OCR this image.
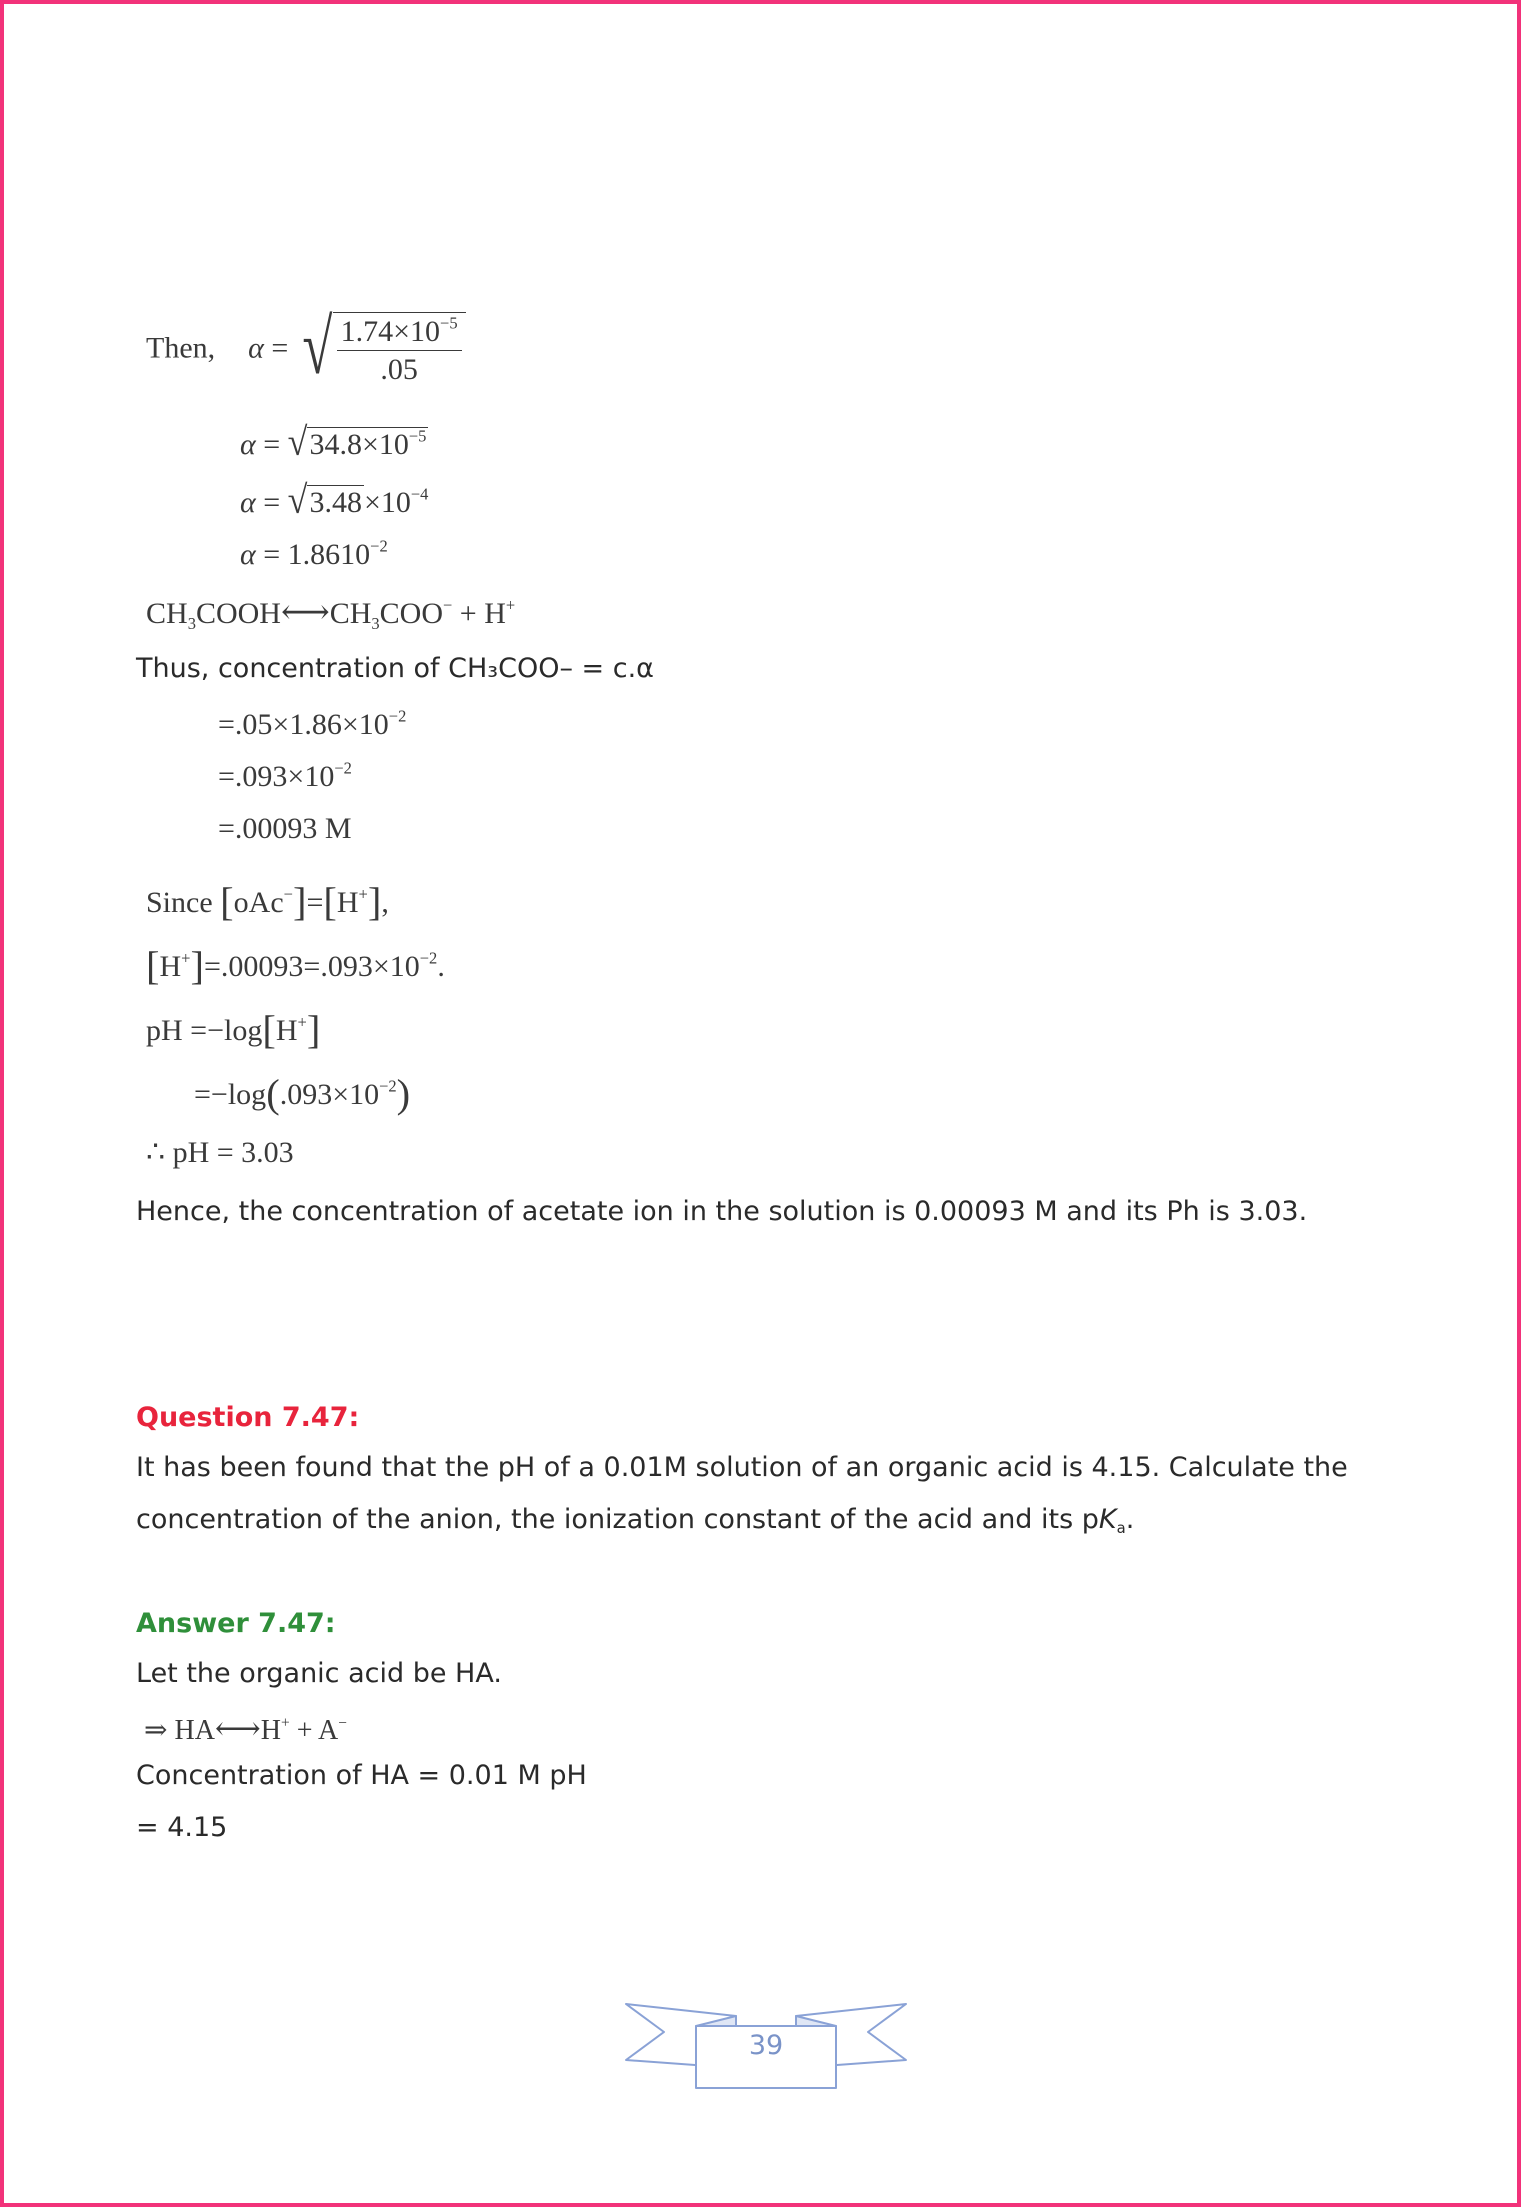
Then, α = √ $\frac{1.74\times 10^{-5}}{.05}$
$\alpha = √34.8\times 10^{-5}$
$\alpha = √3.48\times 10^{-4}$
$\alpha = 1.8610^{-2}$
$CH_3COOH⟷CH_3COO^- + H^+$
Thus, concentration of CH₃COO– = c.α
$=.05\times 1.86\times 10^{-2}$
$=.093\times 10^{-2}$
=.00093 M
Since [oAc−]=[H+],
$[H^+]=.00093=.093\times 10^{-2}$.
pH =−log[H+]
$=-\log(.093\times 10^{-2})$
∴ pH = 3.03
Hence, the concentration of acetate ion in the solution is 0.00093 M and its Ph is 3.03.
Question 7.47:
It has been found that the pH of a 0.01M solution of an organic acid is 4.15. Calculate the
concentration of the anion, the ionization constant of the acid and its $pK_a$.
Answer 7.47:
Let the organic acid be HA.
⇒ HA⟷H+ + A−
Concentration of HA = 0.01 M pH
= 4.15
39
